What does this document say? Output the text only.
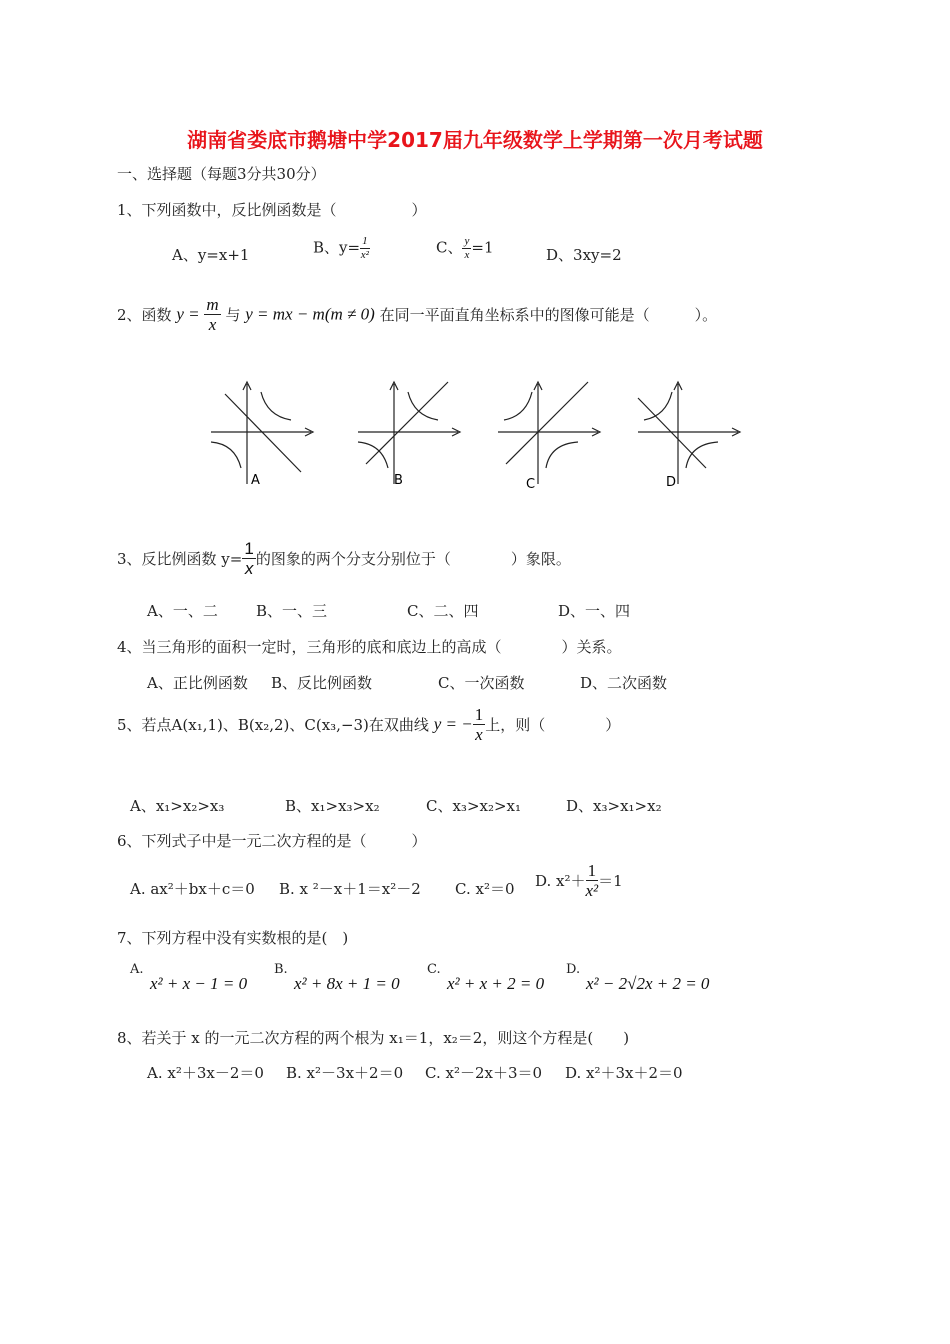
湖南省娄底市鹅塘中学2017届九年级数学上学期第一次月考试题
一、选择题（每题3分共30分）
1、下列函数中，反比例函数是（　　　　　）
A、y=x+1	B、$y= \frac{1}{\text{x²}}$	C、 $\frac{y}{x} =1$	D、3xy=2
2、函数 $y = \frac{m}{x}$ 与 y = mx − m(m ≠ 0) 在同一平面直角坐标系中的图像可能是（　　　）。
A	B	C	D
3、反比例函数 $y= \frac{1}{x}$ 的图象的两个分支分别位于（　　　　）象限。
A、一、二	B、一、三	C、二、四	D、一、四
4、当三角形的面积一定时，三角形的底和底边上的高成（　　　　）关系。
A、正比例函数 B、反比例函数	C、一次函数	D、二次函数
5、若点A(x₁,1)、B(x₂,2)、C(x₃,−3)在双曲线 y = − $\frac{1}{x}$ 上，则（　　　　）
A、x₁>x₂>x₃	B、x₁>x₃>x₂	C、x₃>x₂>x₁	D、x₃>x₁>x₂
6、下列式子中是一元二次方程的是（　　　）
A. ax²＋bx＋c＝0 B. x ²－x＋1＝x²－2 C. x²＝0 D. $x^2+ \frac{1}{\text{x²}} =1$
7、下列方程中没有实数根的是(　)
A.
x² + x − 1 = 0
B.
x² + 8x + 1 = 0
C.
x² + x + 2 = 0
D.
x² − 2√2x + 2 = 0
8、若关于 x 的一元二次方程的两个根为 x₁＝1，x₂＝2，则这个方程是(　　)
A. x²＋3x－2＝0 B. x²－3x＋2＝0 C. x²－2x＋3＝0 D. x²＋3x＋2＝0
